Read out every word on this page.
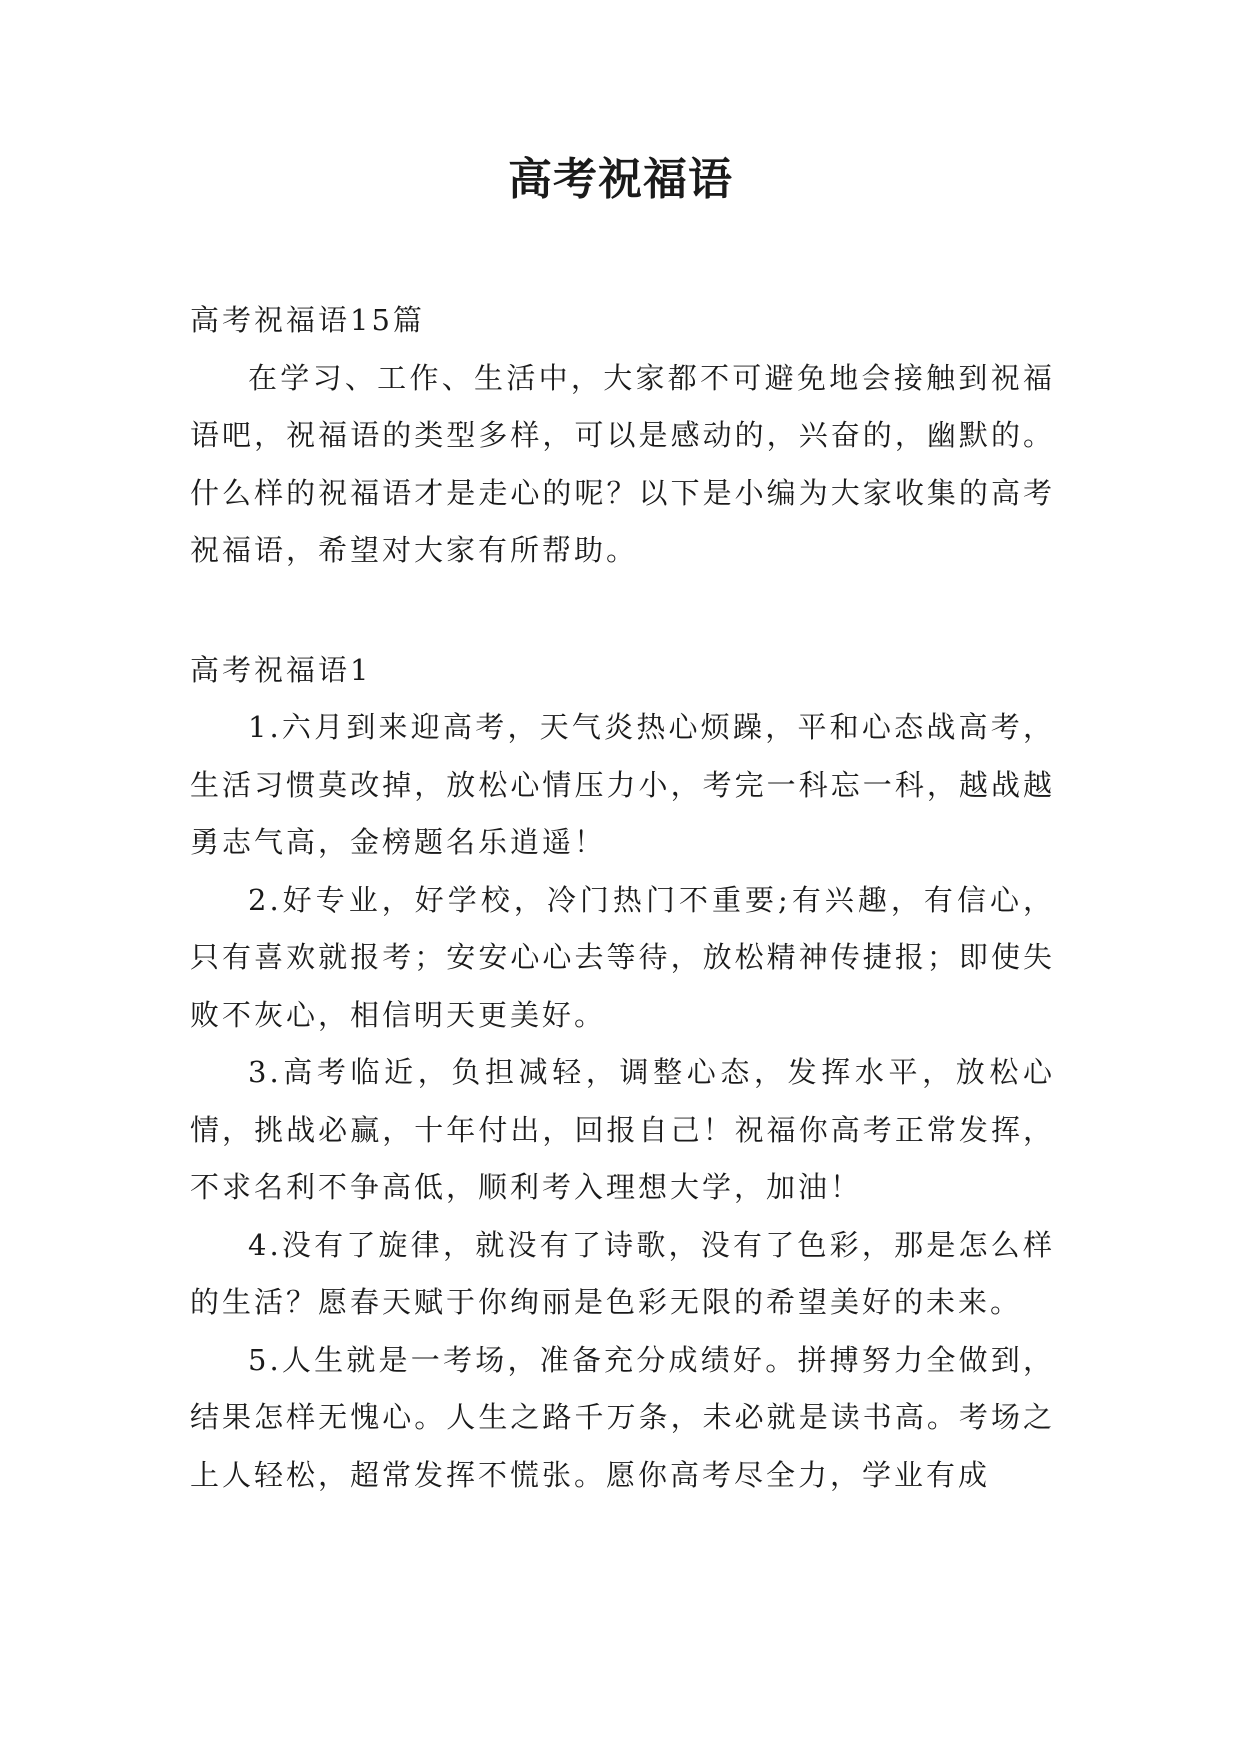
高考祝福语

高考祝福语15篇

在学习、工作、生活中，大家都不可避免地会接触到祝福语吧，祝福语的类型多样，可以是感动的，兴奋的，幽默的。什么样的祝福语才是走心的呢？以下是小编为大家收集的高考祝福语，希望对大家有所帮助。

高考祝福语1

1.六月到来迎高考，天气炎热心烦躁，平和心态战高考，生活习惯莫改掉，放松心情压力小，考完一科忘一科，越战越勇志气高，金榜题名乐逍遥！

2.好专业，好学校，冷门热门不重要;有兴趣，有信心，只有喜欢就报考；安安心心去等待，放松精神传捷报；即使失败不灰心，相信明天更美好。

3.高考临近，负担减轻，调整心态，发挥水平，放松心情，挑战必赢，十年付出，回报自己！祝福你高考正常发挥，不求名利不争高低，顺利考入理想大学，加油！

4.没有了旋律，就没有了诗歌，没有了色彩，那是怎么样的生活？愿春天赋于你绚丽是色彩无限的希望美好的未来。

5.人生就是一考场，准备充分成绩好。拼搏努力全做到，结果怎样无愧心。人生之路千万条，未必就是读书高。考场之上人轻松，超常发挥不慌张。愿你高考尽全力，学业有成
